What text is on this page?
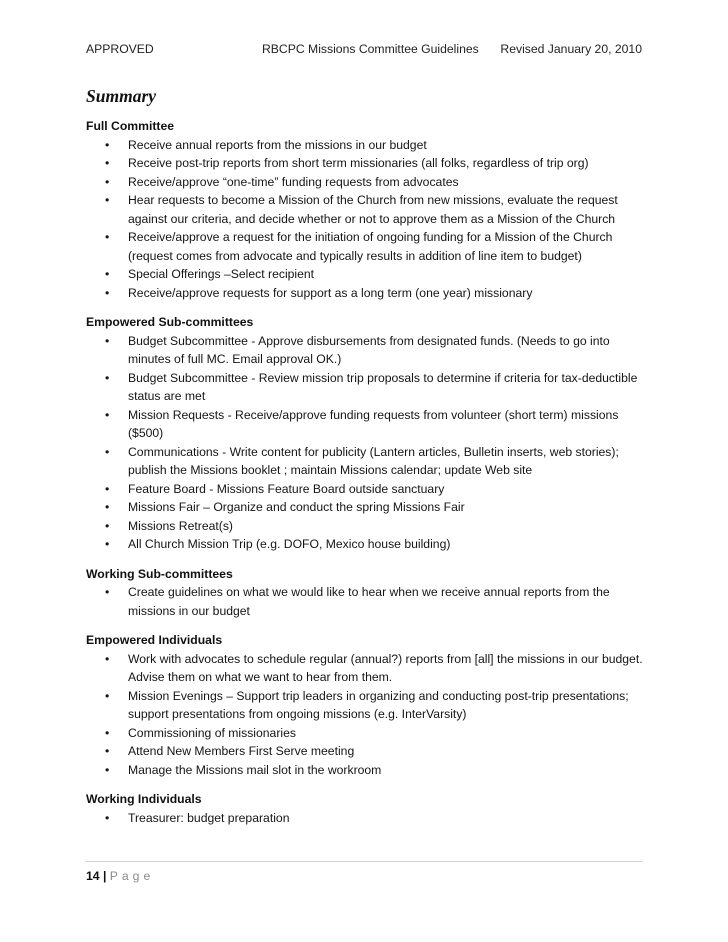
APPROVED	RBCPC Missions Committee Guidelines Revised January 20, 2010
Summary
Full Committee
• Receive annual reports from the missions in our budget
• Receive post-trip reports from short term missionaries (all folks, regardless of trip org)
• Receive/approve “one-time” funding requests from advocates
• Hear requests to become a Mission of the Church from new missions, evaluate the request
against our criteria, and decide whether or not to approve them as a Mission of the Church
• Receive/approve a request for the initiation of ongoing funding for a Mission of the Church
(request comes from advocate and typically results in addition of line item to budget)
• Special Offerings –Select recipient
• Receive/approve requests for support as a long term (one year) missionary
Empowered Sub-committees
• Budget Subcommittee - Approve disbursements from designated funds. (Needs to go into
minutes of full MC. Email approval OK.)
• Budget Subcommittee - Review mission trip proposals to determine if criteria for tax-deductible
status are met
• Mission Requests - Receive/approve funding requests from volunteer (short term) missions
($500)
• Communications - Write content for publicity (Lantern articles, Bulletin inserts, web stories);
publish the Missions booklet ; maintain Missions calendar; update Web site
• Feature Board - Missions Feature Board outside sanctuary
• Missions Fair – Organize and conduct the spring Missions Fair
• Missions Retreat(s)
• All Church Mission Trip (e.g. DOFO, Mexico house building)
Working Sub-committees
• Create guidelines on what we would like to hear when we receive annual reports from the
missions in our budget
Empowered Individuals
• Work with advocates to schedule regular (annual?) reports from [all] the missions in our budget.
Advise them on what we want to hear from them.
• Mission Evenings – Support trip leaders in organizing and conducting post-trip presentations;
support presentations from ongoing missions (e.g. InterVarsity)
• Commissioning of missionaries
• Attend New Members First Serve meeting
• Manage the Missions mail slot in the workroom
Working Individuals
• Treasurer: budget preparation
14 | Page
